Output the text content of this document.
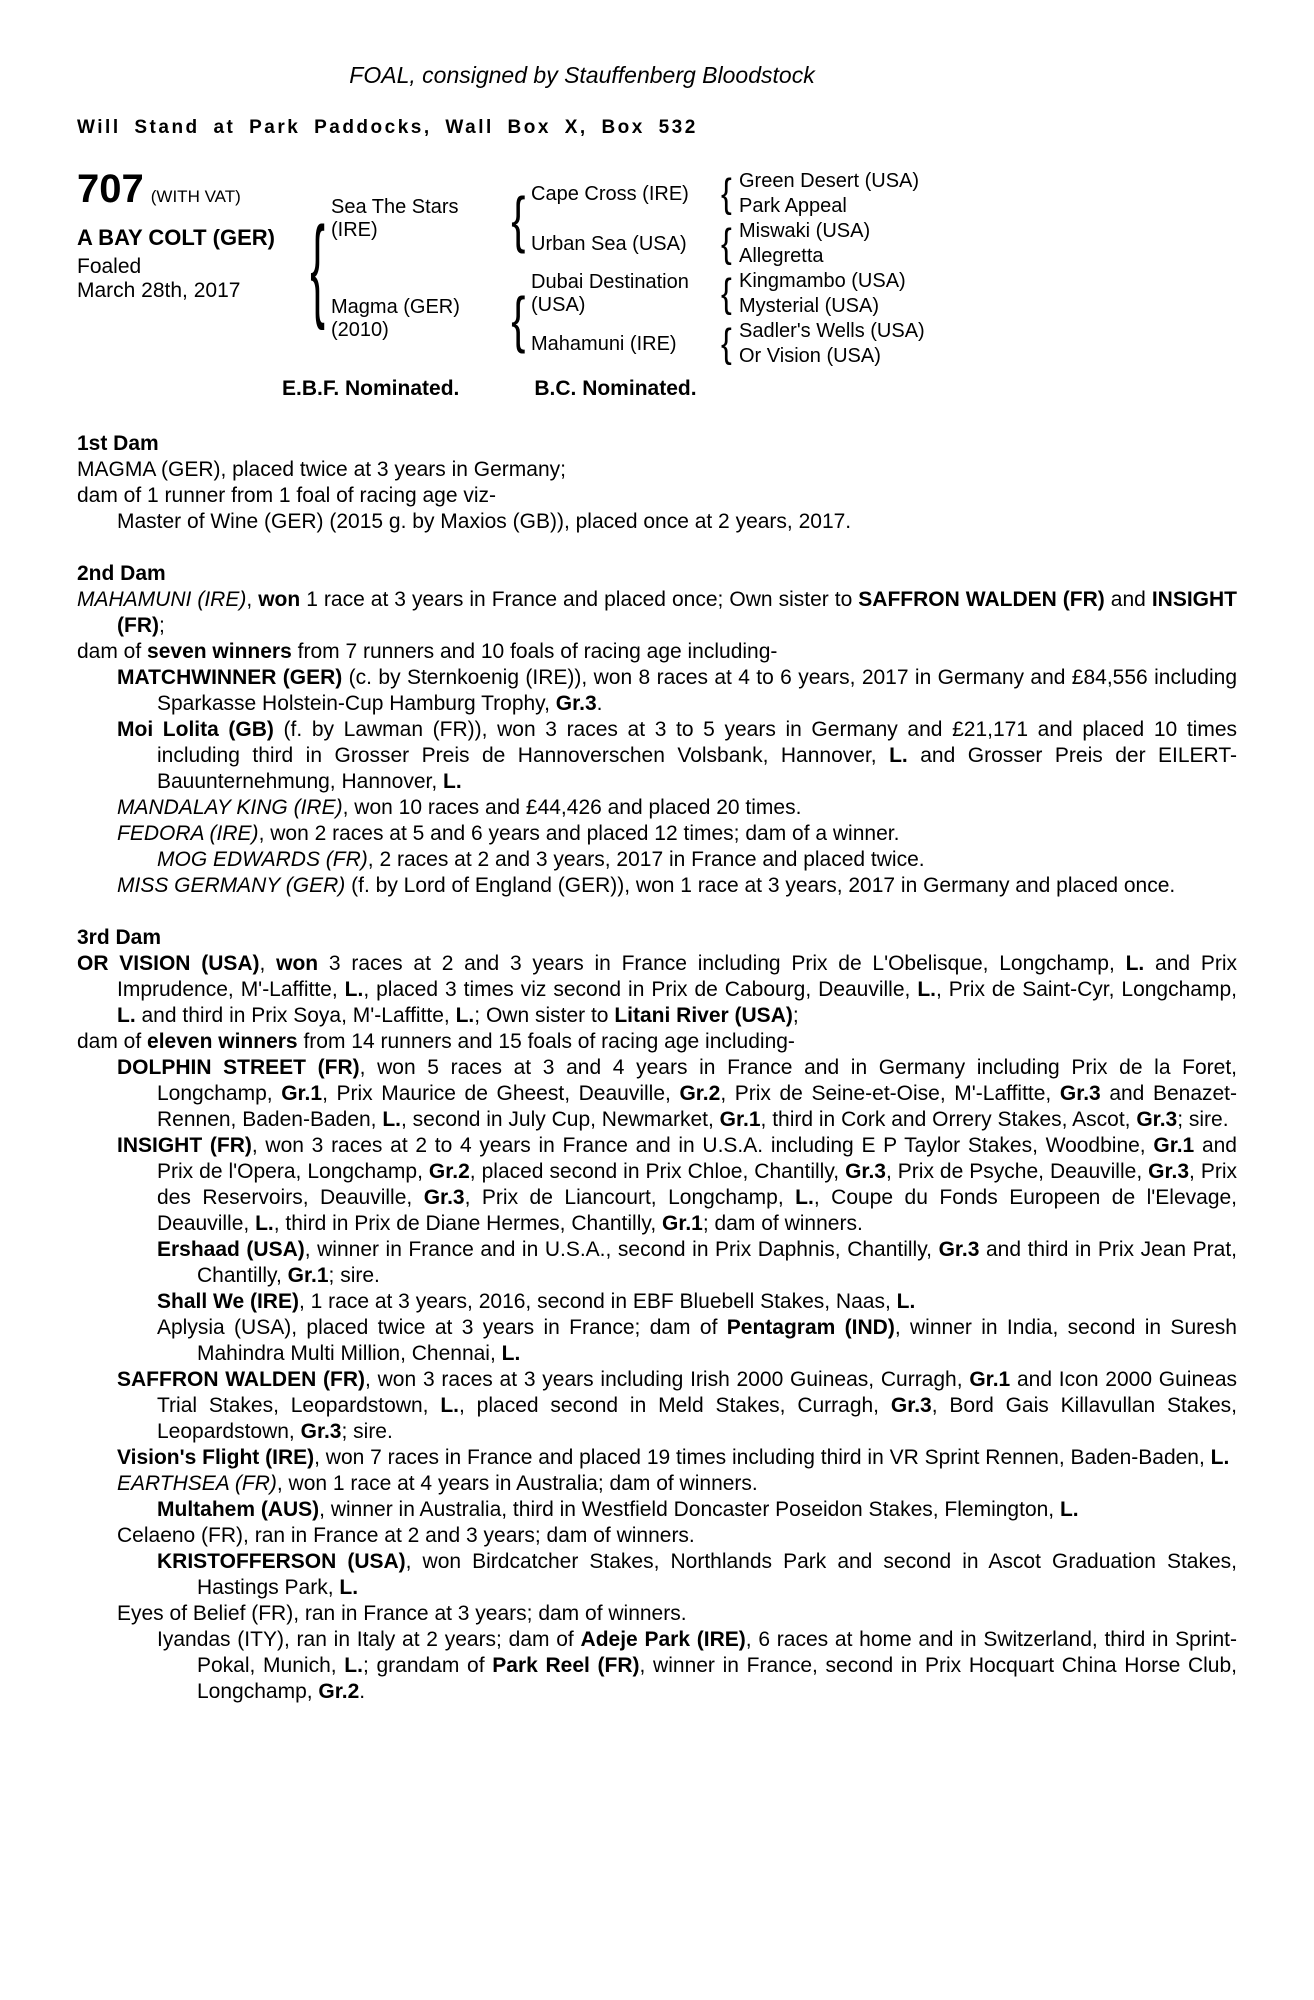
FOAL, consigned by Stauffenberg Bloodstock
Will Stand at Park Paddocks, Wall Box X, Box 532
707 (WITH VAT)
A BAY COLT (GER)
Foaled
March 28th, 2017	{ Sea The Stars (IRE)
Magma (GER) (2010)
{
{
Cape Cross (IRE)
Urban Sea (USA)
Dubai Destination (USA)
Mahamuni (IRE)
{
{
{
{
Green Desert (USA)
Park Appeal
Miswaki (USA)
Allegretta
Kingmambo (USA)
Mysterial (USA)
Sadler's Wells (USA)
Or Vision (USA)
E.B.F. Nominated.	B.C. Nominated.
1st Dam

MAGMA (GER), placed twice at 3 years in Germany;

dam of 1 runner from 1 foal of racing age viz-

Master of Wine (GER) (2015 g. by Maxios (GB)), placed once at 2 years, 2017.

2nd Dam

MAHAMUNI (IRE), won 1 race at 3 years in France and placed once; Own sister to SAFFRON WALDEN (FR) and INSIGHT (FR);

dam of seven winners from 7 runners and 10 foals of racing age including-

MATCHWINNER (GER) (c. by Sternkoenig (IRE)), won 8 races at 4 to 6 years, 2017 in Germany and £84,556 including Sparkasse Holstein-Cup Hamburg Trophy, Gr.3.

Moi Lolita (GB) (f. by Lawman (FR)), won 3 races at 3 to 5 years in Germany and £21,171 and placed 10 times including third in Grosser Preis de Hannoverschen Volsbank, Hannover, L. and Grosser Preis der EILERT-Bauunternehmung, Hannover, L.

MANDALAY KING (IRE), won 10 races and £44,426 and placed 20 times.

FEDORA (IRE), won 2 races at 5 and 6 years and placed 12 times; dam of a winner.

MOG EDWARDS (FR), 2 races at 2 and 3 years, 2017 in France and placed twice.

MISS GERMANY (GER) (f. by Lord of England (GER)), won 1 race at 3 years, 2017 in Germany and placed once.

3rd Dam

OR VISION (USA), won 3 races at 2 and 3 years in France including Prix de L'Obelisque, Longchamp, L. and Prix Imprudence, M'-Laffitte, L., placed 3 times viz second in Prix de Cabourg, Deauville, L., Prix de Saint-Cyr, Longchamp, L. and third in Prix Soya, M'-Laffitte, L.; Own sister to Litani River (USA);

dam of eleven winners from 14 runners and 15 foals of racing age including-

DOLPHIN STREET (FR), won 5 races at 3 and 4 years in France and in Germany including Prix de la Foret, Longchamp, Gr.1, Prix Maurice de Gheest, Deauville, Gr.2, Prix de Seine-et-Oise, M'-Laffitte, Gr.3 and Benazet-Rennen, Baden-Baden, L., second in July Cup, Newmarket, Gr.1, third in Cork and Orrery Stakes, Ascot, Gr.3; sire.

INSIGHT (FR), won 3 races at 2 to 4 years in France and in U.S.A. including E P Taylor Stakes, Woodbine, Gr.1 and Prix de l'Opera, Longchamp, Gr.2, placed second in Prix Chloe, Chantilly, Gr.3, Prix de Psyche, Deauville, Gr.3, Prix des Reservoirs, Deauville, Gr.3, Prix de Liancourt, Longchamp, L., Coupe du Fonds Europeen de l'Elevage, Deauville, L., third in Prix de Diane Hermes, Chantilly, Gr.1; dam of winners.

Ershaad (USA), winner in France and in U.S.A., second in Prix Daphnis, Chantilly, Gr.3 and third in Prix Jean Prat, Chantilly, Gr.1; sire.

Shall We (IRE), 1 race at 3 years, 2016, second in EBF Bluebell Stakes, Naas, L.

Aplysia (USA), placed twice at 3 years in France; dam of Pentagram (IND), winner in India, second in Suresh Mahindra Multi Million, Chennai, L.

SAFFRON WALDEN (FR), won 3 races at 3 years including Irish 2000 Guineas, Curragh, Gr.1 and Icon 2000 Guineas Trial Stakes, Leopardstown, L., placed second in Meld Stakes, Curragh, Gr.3, Bord Gais Killavullan Stakes, Leopardstown, Gr.3; sire.

Vision's Flight (IRE), won 7 races in France and placed 19 times including third in VR Sprint Rennen, Baden-Baden, L.

EARTHSEA (FR), won 1 race at 4 years in Australia; dam of winners.

Multahem (AUS), winner in Australia, third in Westfield Doncaster Poseidon Stakes, Flemington, L.

Celaeno (FR), ran in France at 2 and 3 years; dam of winners.

KRISTOFFERSON (USA), won Birdcatcher Stakes, Northlands Park and second in Ascot Graduation Stakes, Hastings Park, L.

Eyes of Belief (FR), ran in France at 3 years; dam of winners.

Iyandas (ITY), ran in Italy at 2 years; dam of Adeje Park (IRE), 6 races at home and in Switzerland, third in Sprint-Pokal, Munich, L.; grandam of Park Reel (FR), winner in France, second in Prix Hocquart China Horse Club, Longchamp, Gr.2.
